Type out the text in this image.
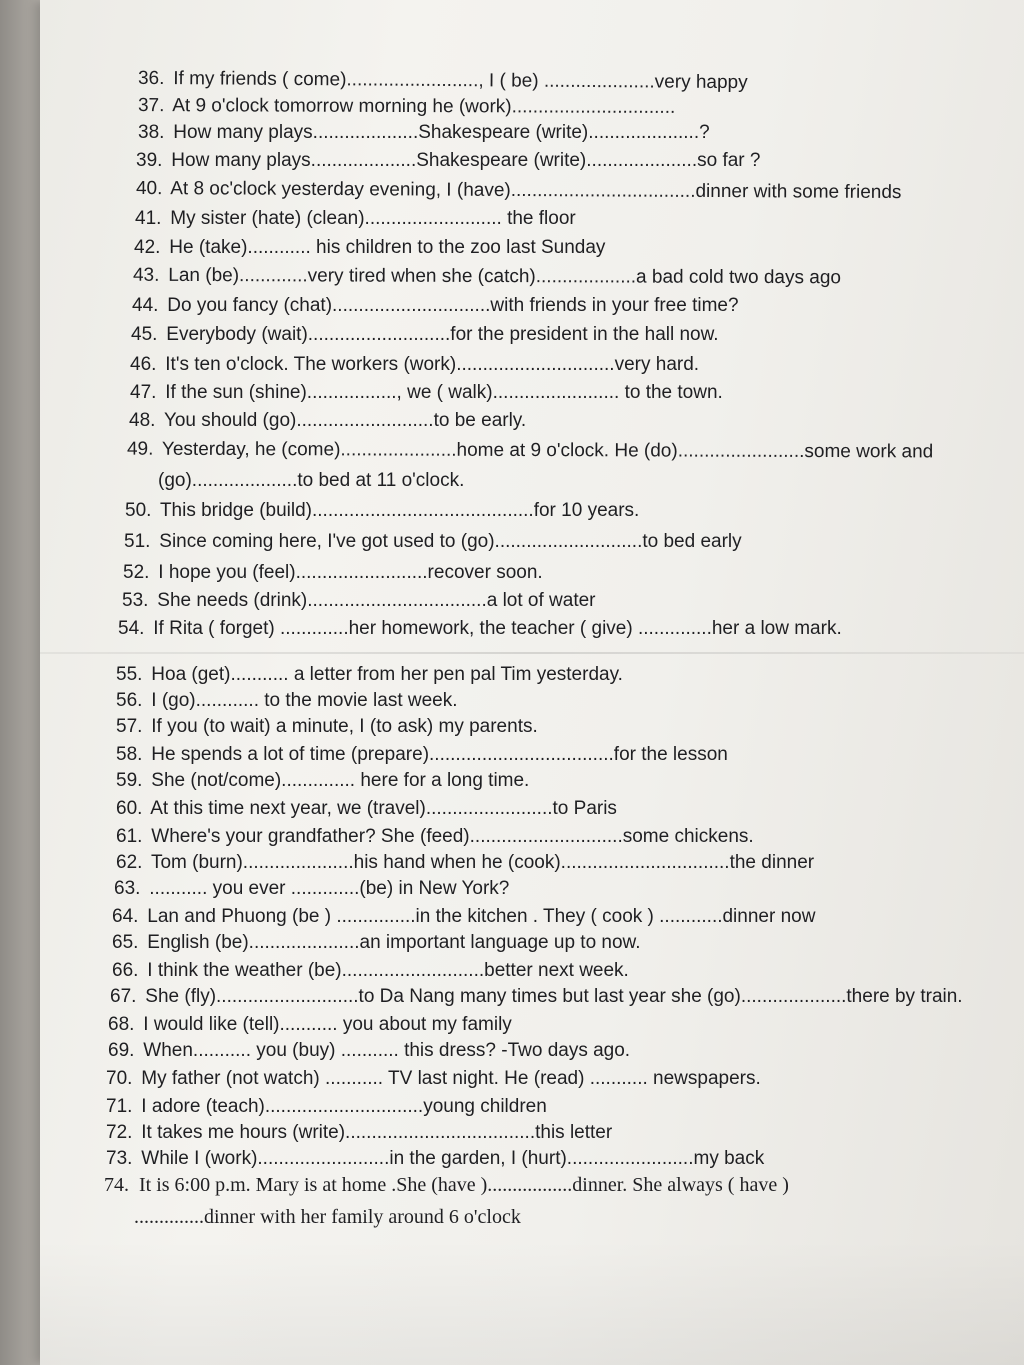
36. If my friends ( come)........................., I ( be) .....................very happy
37. At 9 o'clock tomorrow morning he (work)...............................
38. How many plays....................Shakespeare (write).....................?
39. How many plays....................Shakespeare (write).....................so far ?
40. At 8 oc'clock yesterday evening, I (have)...................................dinner with some friends
41. My sister (hate) (clean).......................... the floor
42. He (take)............ his children to the zoo last Sunday
43. Lan (be).............very tired when she (catch)...................a bad cold two days ago
44. Do you fancy (chat)..............................with friends in your free time?
45. Everybody (wait)...........................for the president in the hall now.
46. It's ten o'clock. The workers (work)..............................very hard.
47. If the sun (shine)................., we ( walk)........................ to the town.
48. You should (go)..........................to be early.
49. Yesterday, he (come)......................home at 9 o'clock. He (do)........................some work and
(go)....................to bed at 11 o'clock.
50. This bridge (build)..........................................for 10 years.
51. Since coming here, I've got used to (go)............................to bed early
52. I hope you (feel).........................recover soon.
53. She needs (drink)..................................a lot of water
54. If Rita ( forget) .............her homework, the teacher ( give) ..............her a low mark.
55. Hoa (get)........... a letter from her pen pal Tim yesterday.
56. I (go)............ to the movie last week.
57. If you (to wait) a minute, I (to ask) my parents.
58. He spends a lot of time (prepare)...................................for the lesson
59. She (not/come).............. here for a long time.
60. At this time next year, we (travel)........................to Paris
61. Where's your grandfather? She (feed).............................some chickens.
62. Tom (burn).....................his hand when he (cook)................................the dinner
63. ........... you ever .............(be) in New York?
64. Lan and Phuong (be ) ...............in the kitchen . They ( cook ) ............dinner now
65. English (be).....................an important language up to now.
66. I think the weather (be)...........................better next week.
67. She (fly)...........................to Da Nang many times but last year she (go)....................there by train.
68. I would like (tell)........... you about my family
69. When........... you (buy) ........... this dress? -Two days ago.
70. My father (not watch) ........... TV last night. He (read) ........... newspapers.
71. I adore (teach)..............................young children
72. It takes me hours (write)....................................this letter
73. While I (work).........................in the garden, I (hurt)........................my back
74. It is 6:00 p.m. Mary is at home .She (have ).................dinner. She always ( have )
..............dinner with her family around 6 o'clock
